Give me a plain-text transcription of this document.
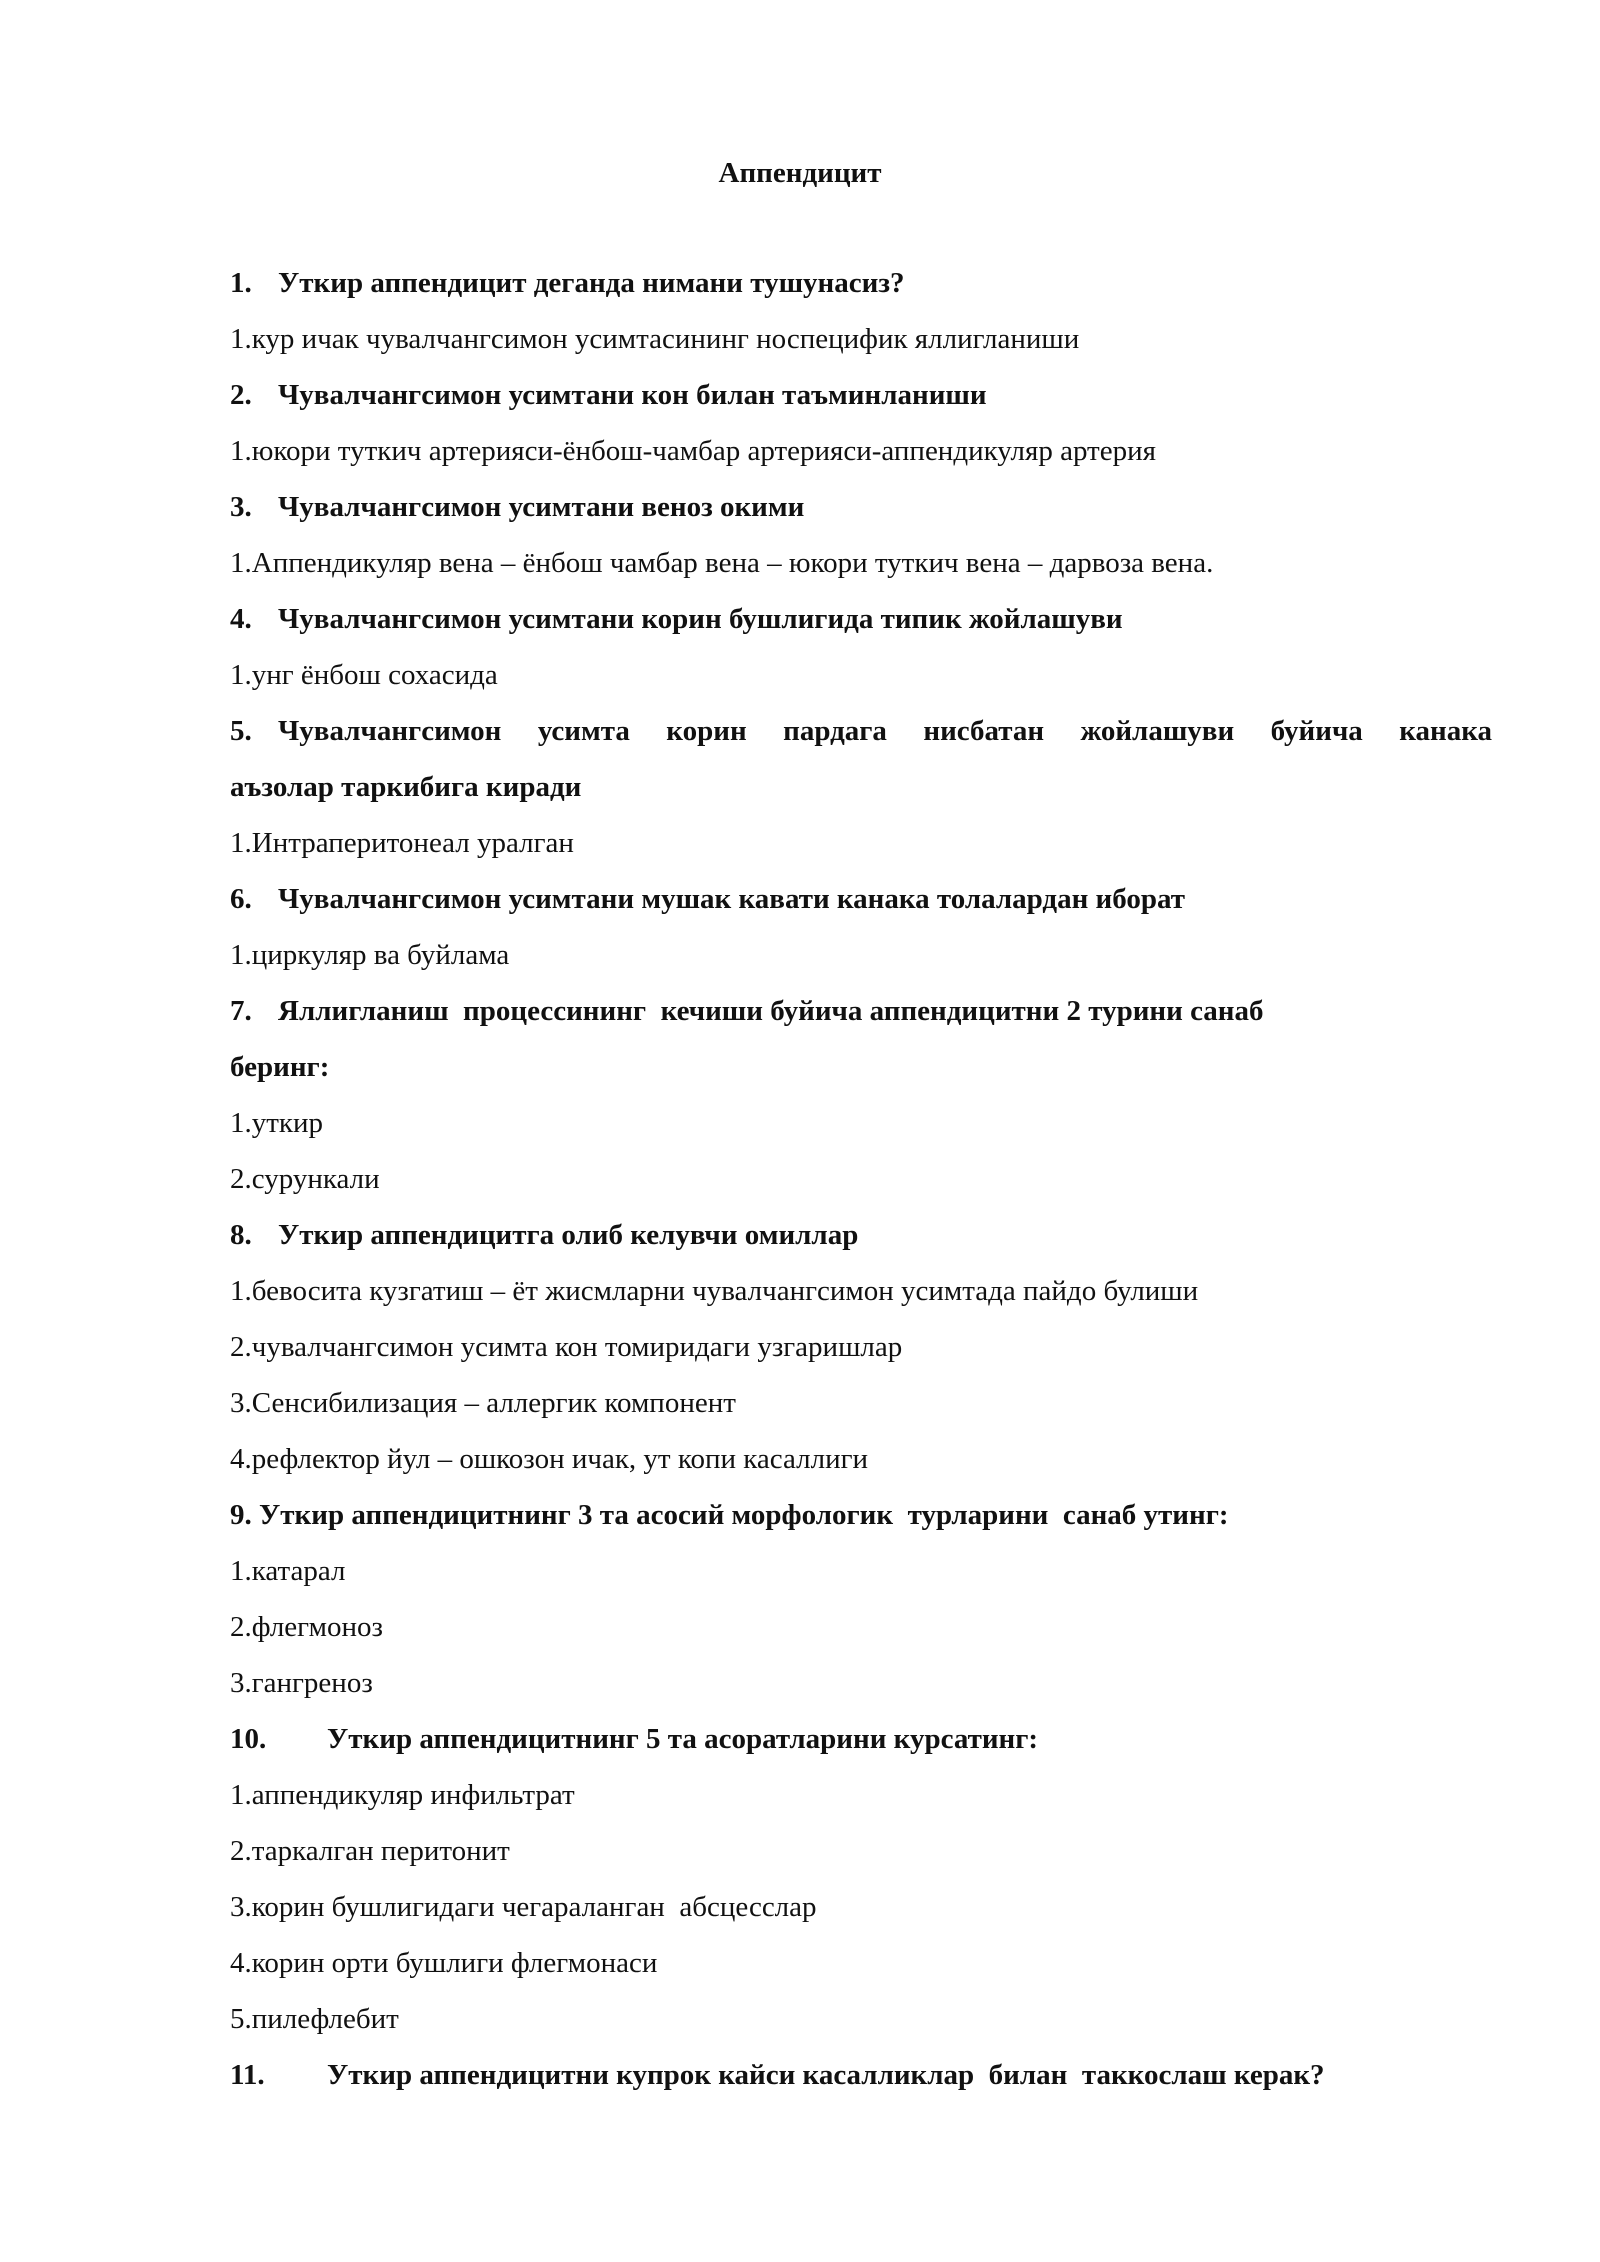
Аппендицит
1. Уткир аппендицит деганда нимани тушунасиз?
1.кур ичак чувалчангсимон усимтасининг носпецифик яллигланиши
2. Чувалчангсимон усимтани кон билан таъминланиши
1.юкори туткич артерияси-ёнбош-чамбар артерияси-аппендикуляр артерия
3. Чувалчангсимон усимтани веноз окими
1.Аппендикуляр вена – ёнбош чамбар вена – юкори туткич вена – дарвоза вена.
4. Чувалчангсимон усимтани корин бушлигида типик жойлашуви
1.унг ёнбош сохасида
5. Чувалчангсимон усимта корин пардага нисбатан жойлашуви буйича канака
аъзолар таркибига киради
1.Интраперитонеал уралган
6. Чувалчангсимон усимтани мушак кавати канака толалардан иборат
1.циркуляр ва буйлама
7. Яллигланиш  процессининг  кечиши буйича аппендицитни 2 турини санаб
беринг:
1.уткир
2.сурункали
8. Уткир аппендицитга олиб келувчи омиллар
1.бевосита кузгатиш – ёт жисмларни чувалчангсимон усимтада пайдо булиши
2.чувалчангсимон усимта кон томиридаги узгаришлар
3.Сенсибилизация – аллергик компонент
4.рефлектор йул – ошкозон ичак, ут копи касаллиги
9. Уткир аппендицитнинг 3 та асосий морфологик  турларини  санаб утинг:
1.катарал
2.флегмоноз
3.гангреноз
10. Уткир аппендицитнинг 5 та асоратларини курсатинг:
1.аппендикуляр инфильтрат
2.таркалган перитонит
3.корин бушлигидаги чегараланган  абсцесслар
4.корин орти бушлиги флегмонаси
5.пилефлебит
11. Уткир аппендицитни купрок кайси касалликлар  билан  таккослаш керак?
